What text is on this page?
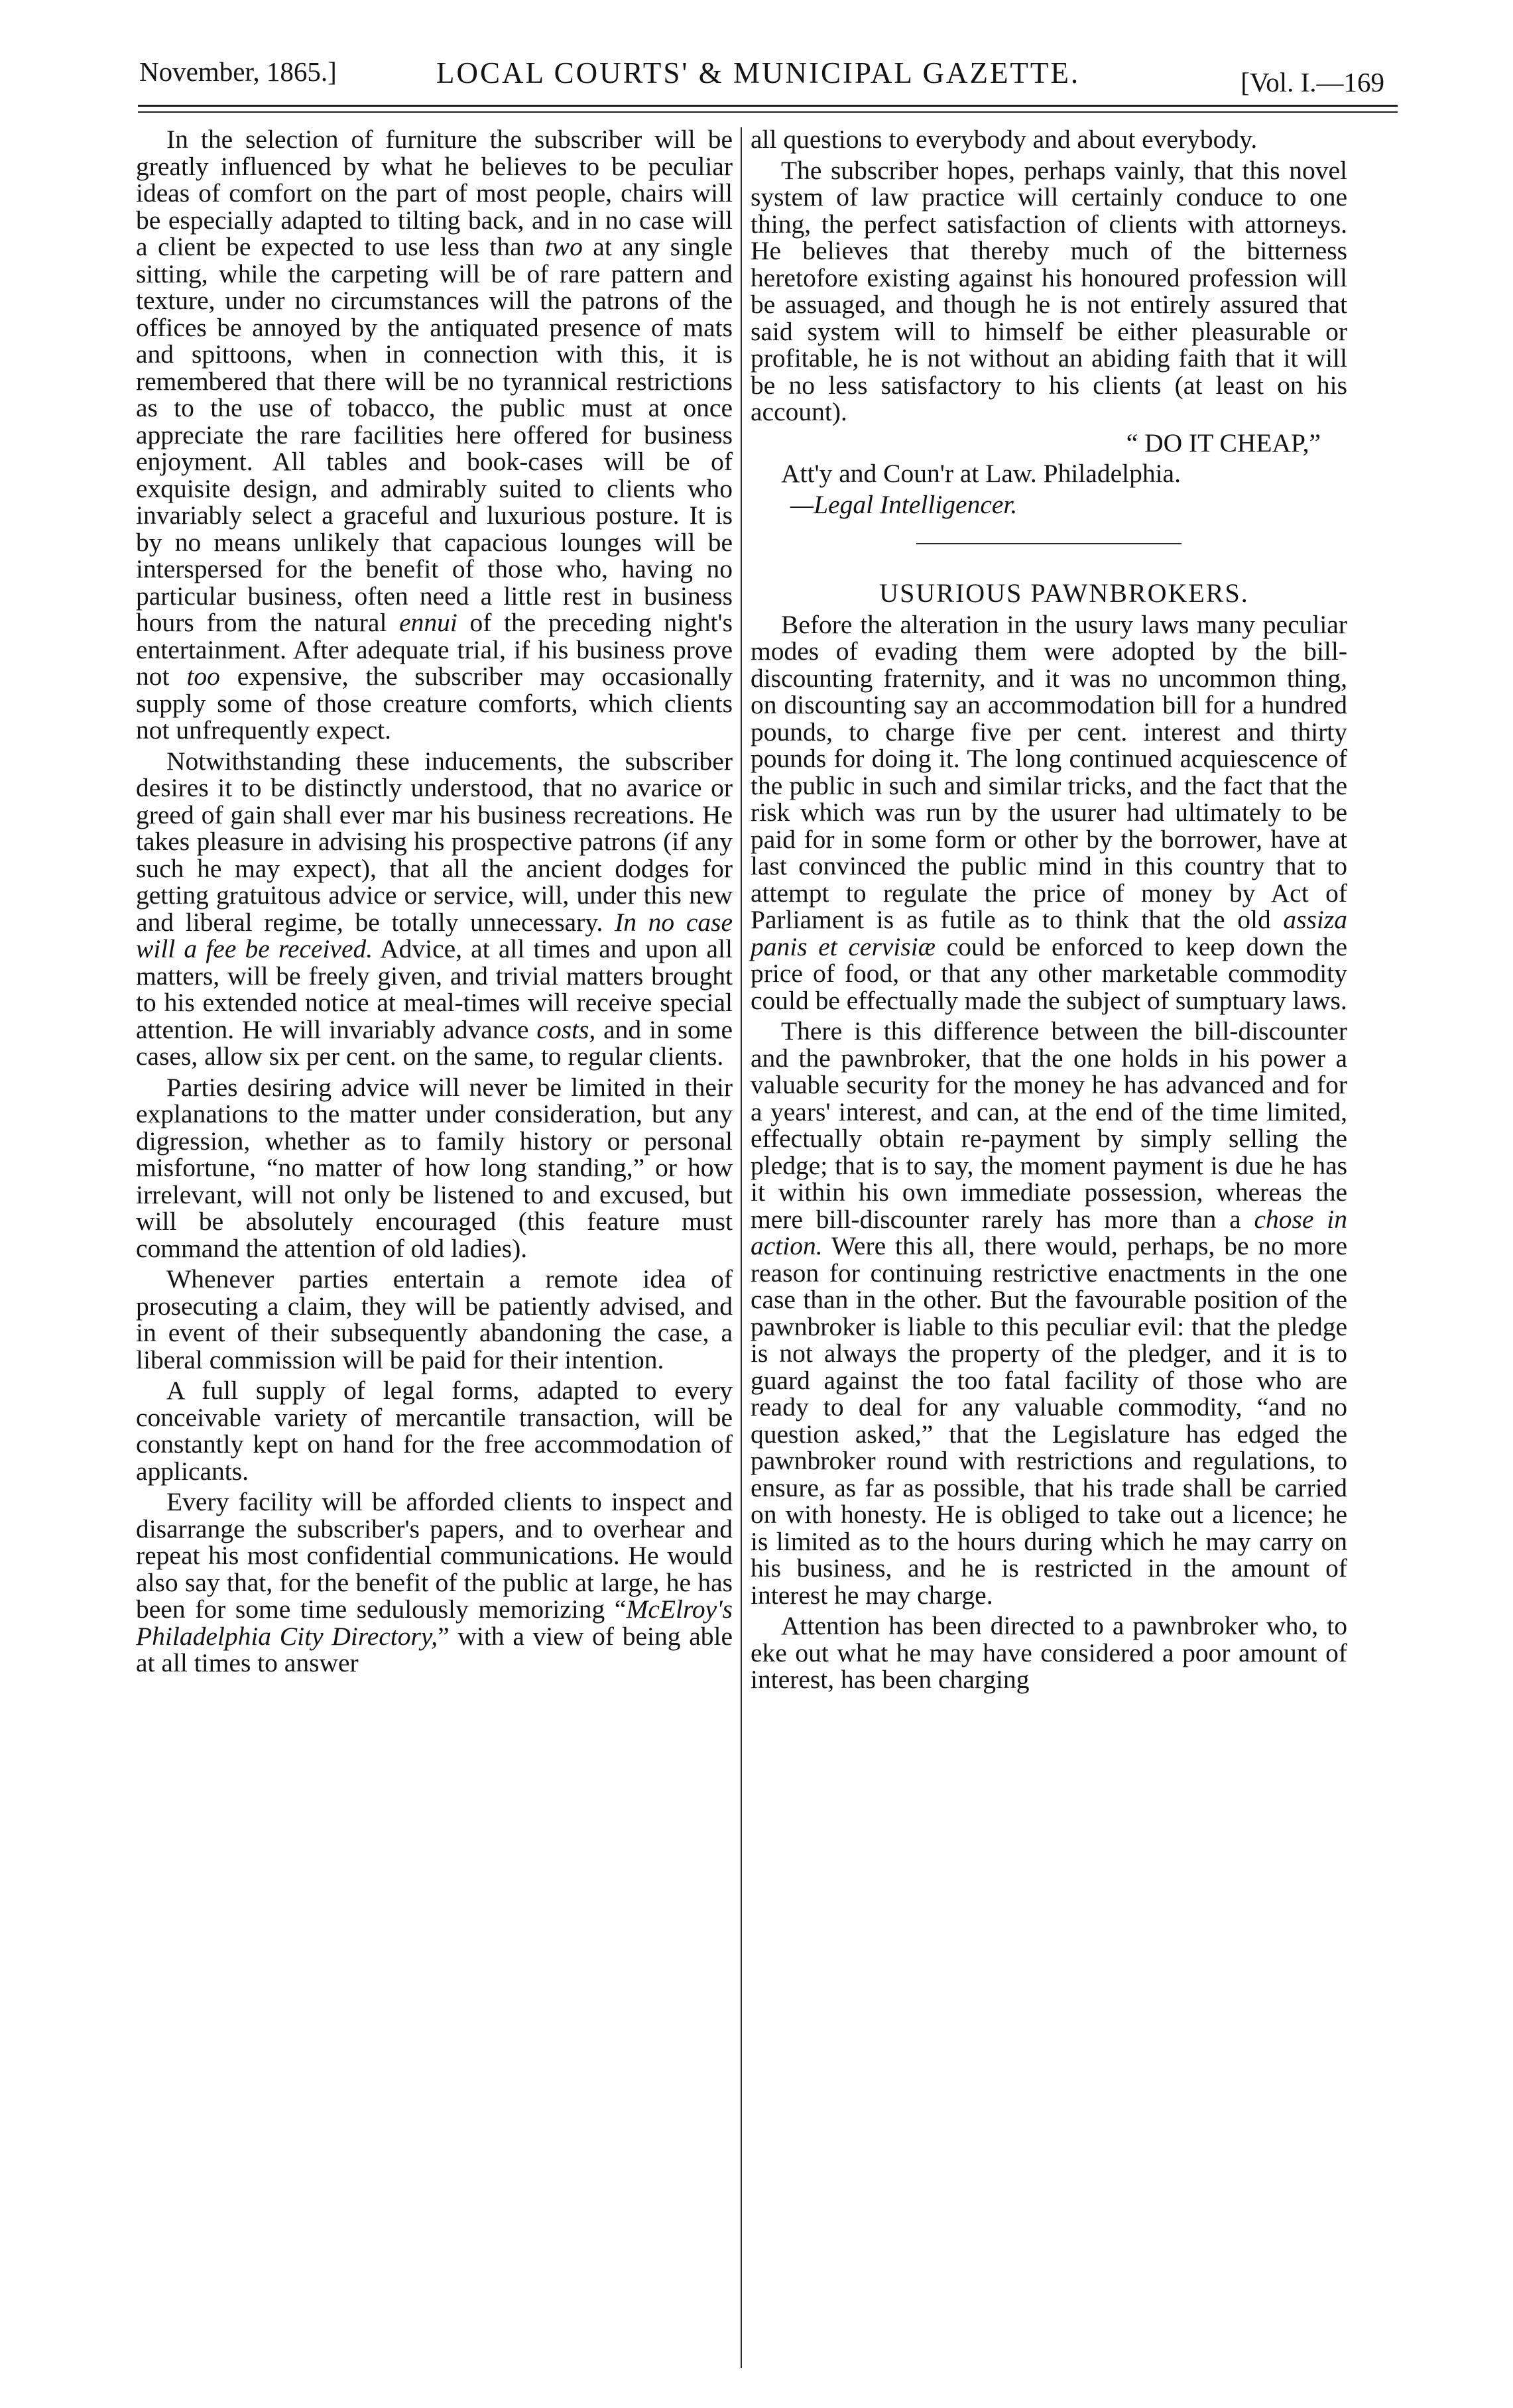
November, 1865.]	LOCAL COURTS' & MUNICIPAL GAZETTE.	[Vol. I.—169

In the selection of furniture the subscriber will be greatly influenced by what he believes to be peculiar ideas of comfort on the part of most people, chairs will be especially adapted to tilting back, and in no case will a client be expected to use less than two at any single sitting, while the carpeting will be of rare pattern and texture, under no circumstances will the patrons of the offices be annoyed by the antiquated presence of mats and spittoons, when in connection with this, it is remembered that there will be no tyrannical restrictions as to the use of tobacco, the public must at once appreciate the rare facilities here offered for business enjoyment. All tables and book-cases will be of exquisite design, and admirably suited to clients who invariably select a graceful and luxurious posture. It is by no means unlikely that capacious lounges will be interspersed for the benefit of those who, having no particular business, often need a little rest in business hours from the natural ennui of the preceding night's entertainment. After adequate trial, if his business prove not too expensive, the subscriber may occasionally supply some of those creature comforts, which clients not unfrequently expect.

Notwithstanding these inducements, the subscriber desires it to be distinctly understood, that no avarice or greed of gain shall ever mar his business recreations. He takes pleasure in advising his prospective patrons (if any such he may expect), that all the ancient dodges for getting gratuitous advice or service, will, under this new and liberal regime, be totally unnecessary. In no case will a fee be received. Advice, at all times and upon all matters, will be freely given, and trivial matters brought to his extended notice at meal-times will receive special attention. He will invariably advance costs, and in some cases, allow six per cent. on the same, to regular clients.

Parties desiring advice will never be limited in their explanations to the matter under consideration, but any digression, whether as to family history or personal misfortune, “no matter of how long standing,” or how irrelevant, will not only be listened to and excused, but will be absolutely encouraged (this feature must command the attention of old ladies).

Whenever parties entertain a remote idea of prosecuting a claim, they will be patiently advised, and in event of their subsequently abandoning the case, a liberal commission will be paid for their intention.

A full supply of legal forms, adapted to every conceivable variety of mercantile transaction, will be constantly kept on hand for the free accommodation of applicants.

Every facility will be afforded clients to inspect and disarrange the subscriber's papers, and to overhear and repeat his most confidential communications. He would also say that, for the benefit of the public at large, he has been for some time sedulously memorizing “McElroy's Philadelphia City Directory,” with a view of being able at all times to answer

all questions to everybody and about everybody.

The subscriber hopes, perhaps vainly, that this novel system of law practice will certainly conduce to one thing, the perfect satisfaction of clients with attorneys. He believes that thereby much of the bitterness heretofore existing against his honoured profession will be assuaged, and though he is not entirely assured that said system will to himself be either pleasurable or profitable, he is not without an abiding faith that it will be no less satisfactory to his clients (at least on his account).

“ DO IT CHEAP,”

Att'y and Coun'r at Law. Philadelphia.

—Legal Intelligencer.

USURIOUS PAWNBROKERS.

Before the alteration in the usury laws many peculiar modes of evading them were adopted by the bill-discounting fraternity, and it was no uncommon thing, on discounting say an accommodation bill for a hundred pounds, to charge five per cent. interest and thirty pounds for doing it. The long continued acquiescence of the public in such and similar tricks, and the fact that the risk which was run by the usurer had ultimately to be paid for in some form or other by the borrower, have at last convinced the public mind in this country that to attempt to regulate the price of money by Act of Parliament is as futile as to think that the old assiza panis et cervisiæ could be enforced to keep down the price of food, or that any other marketable commodity could be effectually made the subject of sumptuary laws.

There is this difference between the bill-discounter and the pawnbroker, that the one holds in his power a valuable security for the money he has advanced and for a years' interest, and can, at the end of the time limited, effectually obtain re-payment by simply selling the pledge; that is to say, the moment payment is due he has it within his own immediate possession, whereas the mere bill-discounter rarely has more than a chose in action. Were this all, there would, perhaps, be no more reason for continuing restrictive enactments in the one case than in the other. But the favourable position of the pawnbroker is liable to this peculiar evil: that the pledge is not always the property of the pledger, and it is to guard against the too fatal facility of those who are ready to deal for any valuable commodity, “and no question asked,” that the Legislature has edged the pawnbroker round with restrictions and regulations, to ensure, as far as possible, that his trade shall be carried on with honesty. He is obliged to take out a licence; he is limited as to the hours during which he may carry on his business, and he is restricted in the amount of interest he may charge.

Attention has been directed to a pawnbroker who, to eke out what he may have considered a poor amount of interest, has been charging
